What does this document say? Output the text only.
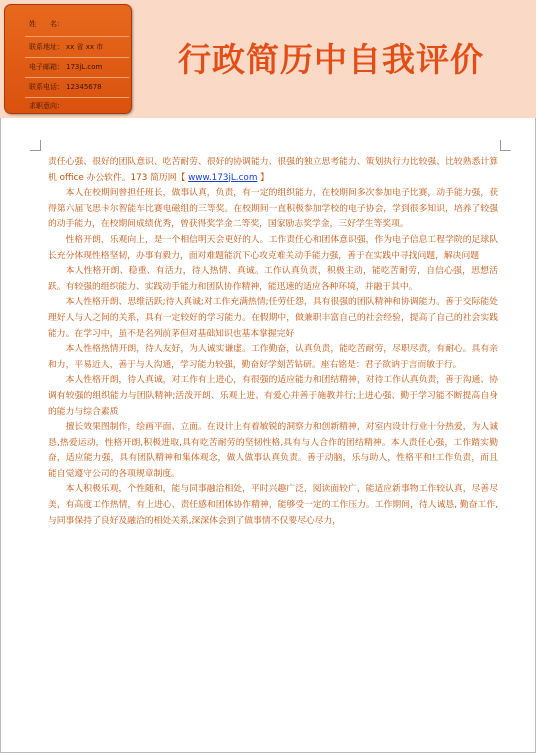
姓　　名：
联系地址： xx 省 xx 市
电子邮箱： 173jL.com
联系电话： 12345678
求职意向：
行政简历中自我评价

责任心强、很好的团队意识、吃苦耐劳、很好的协调能力、很强的独立思考能力、策划执行力比较强、比较熟悉计算机 office 办公软件。173 简历网【 www.173jL.com 】

本人在校期间曾担任班长，做事认真，负责，有一定的组织能力，在校期间多次参加电子比赛，动手能力强，获得第六届飞思卡尔智能车比赛电磁组的三等奖。在校期间一直积极参加学校的电子协会，学到很多知识，培养了较强的动手能力，在校期间成绩优秀，曾获得奖学金二等奖，国家励志奖学金，三好学生等奖项。

性格开朗，乐观向上，是一个相信明天会更好的人。工作责任心和团体意识强，作为电子信息工程学院的足球队长充分体现性格坚韧，办事有毅力，面对难题能沉下心攻克难关动手能力强，善于在实践中寻找问题，解决问题

本人性格开朗、稳重、有活力，待人热情、真诚。工作认真负责，积极主动，能吃苦耐劳，自信心强，思想活跃。有较强的组织能力、实践动手能力和团队协作精神，能迅速的适应各种环境，并融于其中。

本人性格开朗、思维活跃;待人真诚;对工作充满热情;任劳任怨，具有很强的团队精神和协调能力。善于交际能处理好人与人之间的关系，具有一定较好的学习能力。在假期中，做兼职丰富自己的社会经验，提高了自己的社会实践能力。在学习中，虽不是名列前茅但对基础知识也基本掌握完好

本人性格热情开朗，待人友好，为人诚实谦虚。工作勤奋，认真负责，能吃苦耐劳，尽职尽责，有耐心。具有亲和力，平易近人，善于与人沟通，学习能力较强，勤奋好学刻苦钻研。座右铭是：君子欲讷于言而敏于行。

本人性格开朗，待人真诚，对工作有上进心，有很强的适应能力和团结精神，对待工作认真负责，善于沟通、协调有较强的组织能力与团队精神;活泼开朗、乐观上进、有爱心并善于施教并行;上进心强、勤于学习能不断提高自身的能力与综合素质

擅长效果图制作，绘画平面、立面。在设计上有着敏锐的洞察力和创新精神，对室内设计行业十分热爱，为人诚恳,热爱运动，性格开朗,积极进取,具有吃苦耐劳的坚韧性格,具有与人合作的团结精神。本人责任心强，工作踏实勤奋，适应能力强，具有团队精神和集体观念，做人做事认真负责。善于动脑，乐与助人，性格平和!工作负责，而且能自觉遵守公司的各项规章制度。

本人积极乐观，个性随和，能与同事融洽相处，平时兴趣广泛，阅读面较广，能适应新事物工作较认真，尽善尽美，有高度工作热情，有上进心、责任感和团体协作精神，能够受一定的工作压力。工作期间，待人诚恳, 勤奋工作, 与同事保持了良好及融洽的相处关系,深深体会到了做事情不仅要尽心尽力，
